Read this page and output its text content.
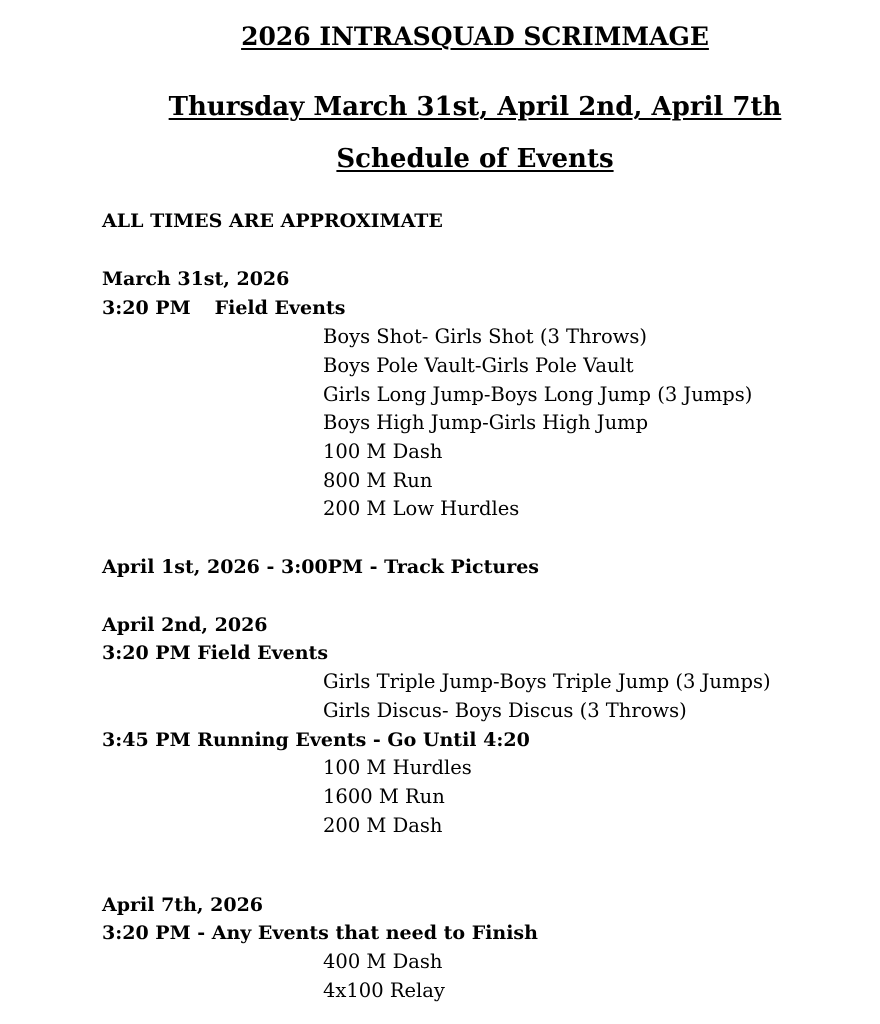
2026 INTRASQUAD SCRIMMAGE
Thursday March 31st, April 2nd, April 7th
Schedule of Events
ALL TIMES ARE APPROXIMATE
March 31st, 2026
3:20 PM Field Events
Boys Shot- Girls Shot (3 Throws)
Boys Pole Vault-Girls Pole Vault
Girls Long Jump-Boys Long Jump (3 Jumps)
Boys High Jump-Girls High Jump
100 M Dash
800 M Run
200 M Low Hurdles
April 1st, 2026 - 3:00PM - Track Pictures
April 2nd, 2026
3:20 PM Field Events
Girls Triple Jump-Boys Triple Jump (3 Jumps)
Girls Discus- Boys Discus (3 Throws)
3:45 PM Running Events - Go Until 4:20
100 M Hurdles
1600 M Run
200 M Dash
April 7th, 2026
3:20 PM - Any Events that need to Finish
400 M Dash
4x100 Relay
